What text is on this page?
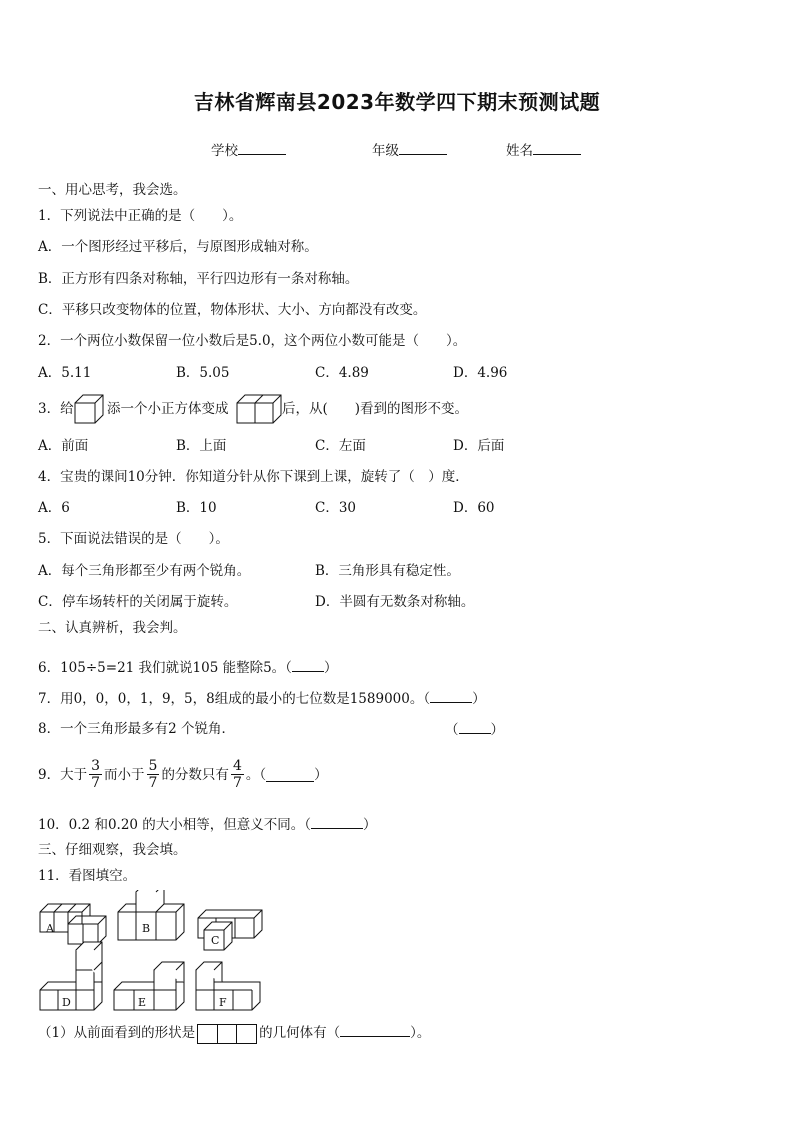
吉林省辉南县2023年数学四下期末预测试题
学校	年级	姓名
一、用心思考，我会选。
1．下列说法中正确的是（　　）。
A．一个图形经过平移后，与原图形成轴对称。
B．正方形有四条对称轴，平行四边形有一条对称轴。
C．平移只改变物体的位置，物体形状、大小、方向都没有改变。
2．一个两位小数保留一位小数后是5.0，这个两位小数可能是（　　）。
A．5.11	B．5.05	C．4.89	D．4.96
3．给 添一个小正方体变成	后，从(　　)看到的图形不变。
A．前面	B．上面	C．左面	D．后面
4．宝贵的课间10分钟．你知道分针从你下课到上课，旋转了（　）度．
A．6	B．10	C．30	D．60
5．下面说法错误的是（　　）。
A．每个三角形都至少有两个锐角。	B．三角形具有稳定性。
C．停车场转杆的关闭属于旋转。	D．半圆有无数条对称轴。
二、认真辨析，我会判。
6．105÷5=21 我们就说105 能整除5。（ ）
7．用0，0，0，1，9，5，8组成的最小的七位数是1589000。（	）
8．一个三角形最多有2 个锐角．	（ ）
9．大于 $\frac{3}{7}$ 而小于 $\frac{5}{7}$ 的分数只有 $\frac{4}{7}$ 。（	）
10．0.2 和0.20 的大小相等，但意义不同。（	）
三、仔细观察，我会填。
11．看图填空。
A	B
C
D	E	F
（1）从前面看到的形状是	的几何体有（	）。
